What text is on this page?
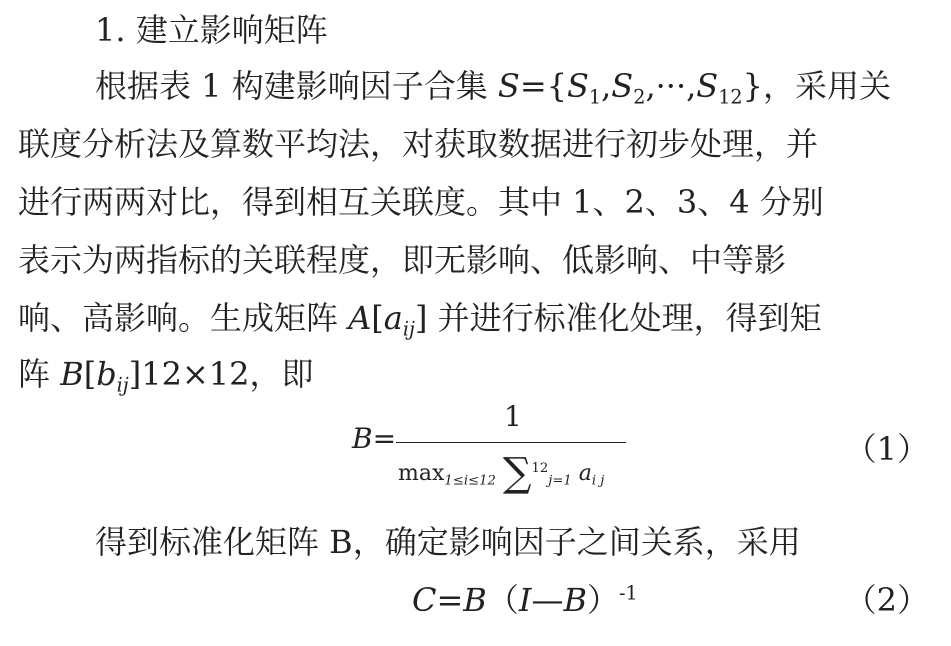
1. 建立影响矩阵
根据表 1 构建影响因子合集 $S=\{S_1,S_2,\cdot\cdot\cdot,S_{12}\}$，采用关
联度分析法及算数平均法，对获取数据进行初步处理，并
进行两两对比，得到相互关联度。其中 1、2、3、4 分别
表示为两指标的关联程度，即无影响、低影响、中等影
响、高影响。生成矩阵 $A[a_{ij}]$ 并进行标准化处理，得到矩
阵 $B[b_{ij}]12\times 12$，即
B=
1
$\max_{1\le i\le 12} \sum^{12}_{j=1}$ $a_{i j}$
（1）
得到标准化矩阵 B，确定影响因子之间关系，采用
C=B（I—B）$^{-1}$	（2）
